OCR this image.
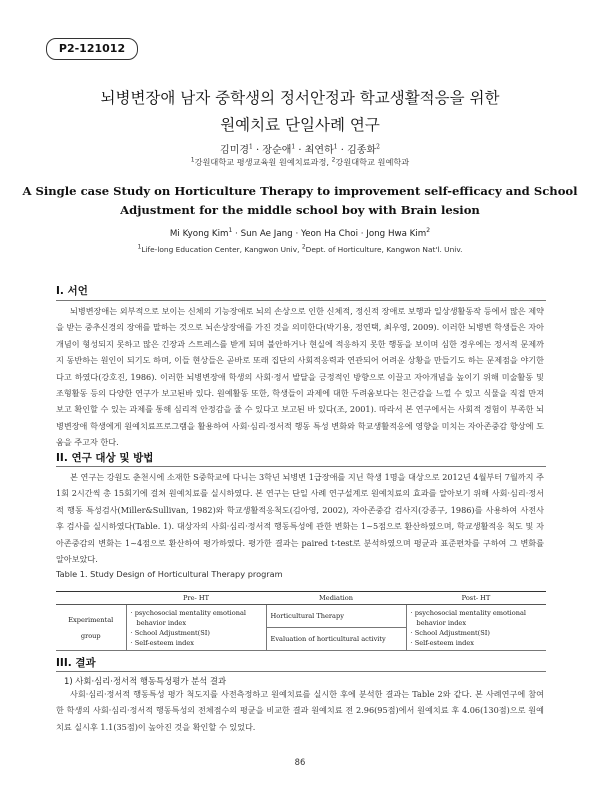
P2-121012
뇌병변장애 남자 중학생의 정서안정과 학교생활적응을 위한
원예치료 단일사례 연구
김미경$^1$ · 장순애$^1$ · 최연하$^1$ · 김종화$^2$
$^1$강원대학교 평생교육원 원예치료과정, $^2$강원대학교 원예학과
A Single case Study on Horticulture Therapy to improvement self-efficacy and School
Adjustment for the middle school boy with Brain lesion
Mi Kyong Kim$^1$ · Sun Ae Jang · Yeon Ha Choi · Jong Hwa Kim$^2$
$^1$Life-long Education Center, Kangwon Univ, $^2$Dept. of Horticulture, Kangwon Nat'l. Univ.
I. 서언
뇌병변장애는 외부적으로 보이는 신체의 기능장애로 뇌의 손상으로 인한 신체적, 정신적 장애로 보행과 일상생활동작 등에서 많은 제약을 받는 중추신경의 장애를 말하는 것으로 뇌손상장애를 가진 것을 의미한다(박기용, 정연택, 최우영, 2009). 이러한 뇌병변 학생들은 자아개념이 형성되지 못하고 많은 긴장과 스트레스를 받게 되며 불안하거나 현실에 적응하지 못한 행동을 보이며 심한 경우에는 정서적 문제까지 동반하는 원인이 되기도 하며, 이들 현상들은 곧바로 또래 집단의 사회적응력과 연관되어 어려운 상황을 만들기도 하는 문제점을 야기한다고 하였다(강호진, 1986). 이러한 뇌병변장애 학생의 사회·정서 발달을 긍정적인 방향으로 이끌고 자아개념을 높이기 위해 미술활동 및 조형활동 등의 다양한 연구가 보고된바 있다. 원예활동 또한, 학생들이 과제에 대한 두려움보다는 친근감을 느낄 수 있고 식물을 직접 만져보고 확인할 수 있는 과제를 통해 심리적 안정감을 줄 수 있다고 보고된 바 있다(조, 2001). 따라서 본 연구에서는 사회적 경험이 부족한 뇌병변장애 학생에게 원예치료프로그램을 활용하여 사회·심리·정서적 행동 특성 변화와 학교생활적응에 영향을 미치는 자아존중감 향상에 도움을 주고자 한다.
II. 연구 대상 및 방법
본 연구는 강원도 춘천시에 소재한 S중학교에 다니는 3학년 뇌병변 1급장애를 지닌 학생 1명을 대상으로 2012년 4월부터 7월까지 주 1회 2시간씩 총 15회기에 걸쳐 원예치료를 실시하였다. 본 연구는 단일 사례 연구설계로 원예치료의 효과를 알아보기 위해 사회·심리·정서적 행동 특성검사(Miller&Sullivan, 1982)와 학교생활적응척도(김아영, 2002), 자아존중감 검사지(강종구, 1986)를 사용하여 사전사후 검사를 실시하였다(Table. 1). 대상자의 사회·심리·정서적 행동특성에 관한 변화는 1~5점으로 환산하였으며, 학교생활적응 척도 및 자아존중감의 변화는 1~4점으로 환산하여 평가하였다. 평가한 결과는 paired t-test로 분석하였으며 평균과 표준편차를 구하여 그 변화를 알아보았다.
Table 1. Study Design of Horticultural Therapy program
	Pre- HT	Mediation	Post- HT

Experimental
group	· psychosocial mentality emotional
behavior index
· School Adjustment(SI)
· Self-esteem index	Horticultural Therapy	· psychosocial mentality emotional
behavior index
· School Adjustment(SI)
· Self-esteem index

		Evaluation of horticultural activity	
III. 결과
1) 사회·심리·정서적 행동특성평가 분석 결과
사회·심리·정서적 행동특성 평가 척도지를 사전측정하고 원예치료를 실시한 후에 분석한 결과는 Table 2와 같다. 본 사례연구에 참여한 학생의 사회·심리·정서적 행동특성의 전체점수의 평균을 비교한 결과 원예치료 전 2.96(95점)에서 원예치료 후 4.06(130점)으로 원예치료 실시후 1.1(35점)이 높아진 것을 확인할 수 있었다.
86
